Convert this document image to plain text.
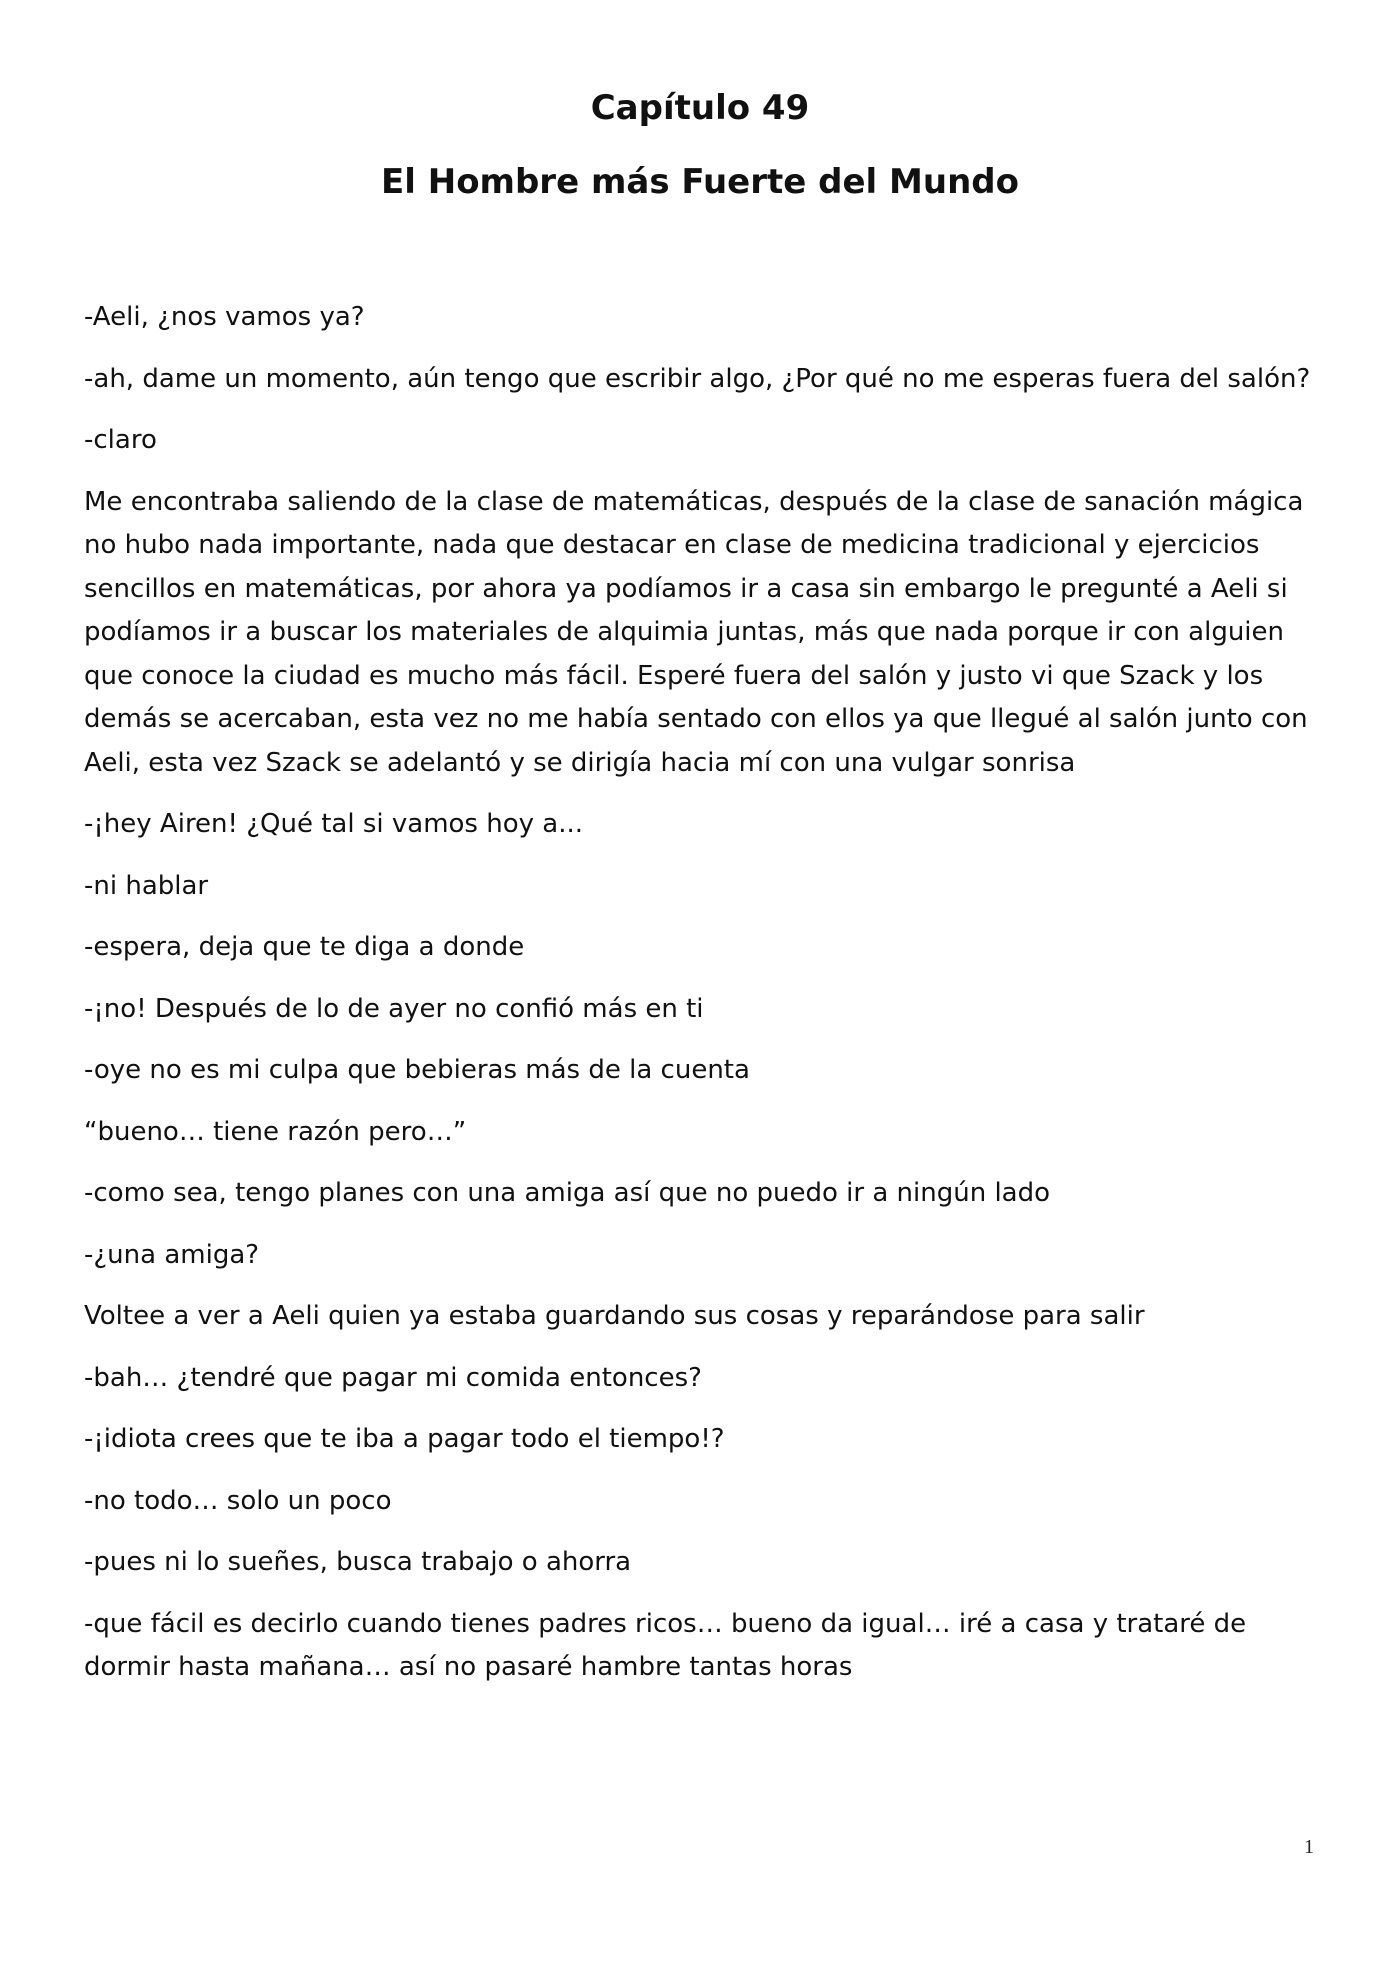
Capítulo 49
El Hombre más Fuerte del Mundo

-Aeli, ¿nos vamos ya?

-ah, dame un momento, aún tengo que escribir algo, ¿Por qué no me esperas fuera del salón?

-claro

Me encontraba saliendo de la clase de matemáticas, después de la clase de sanación mágica no hubo nada importante, nada que destacar en clase de medicina tradicional y ejercicios sencillos en matemáticas, por ahora ya podíamos ir a casa sin embargo le pregunté a Aeli si podíamos ir a buscar los materiales de alquimia juntas, más que nada porque ir con alguien que conoce la ciudad es mucho más fácil. Esperé fuera del salón y justo vi que Szack y los demás se acercaban, esta vez no me había sentado con ellos ya que llegué al salón junto con Aeli, esta vez Szack se adelantó y se dirigía hacia mí con una vulgar sonrisa

-¡hey Airen! ¿Qué tal si vamos hoy a...

-ni hablar

-espera, deja que te diga a donde

-¡no! Después de lo de ayer no confió más en ti

-oye no es mi culpa que bebieras más de la cuenta

“bueno… tiene razón pero…”

-como sea, tengo planes con una amiga así que no puedo ir a ningún lado

-¿una amiga?

Voltee a ver a Aeli quien ya estaba guardando sus cosas y reparándose para salir

-bah… ¿tendré que pagar mi comida entonces?

-¡idiota crees que te iba a pagar todo el tiempo!?

-no todo… solo un poco

-pues ni lo sueñes, busca trabajo o ahorra

-que fácil es decirlo cuando tienes padres ricos… bueno da igual… iré a casa y trataré de dormir hasta mañana… así no pasaré hambre tantas horas

1
